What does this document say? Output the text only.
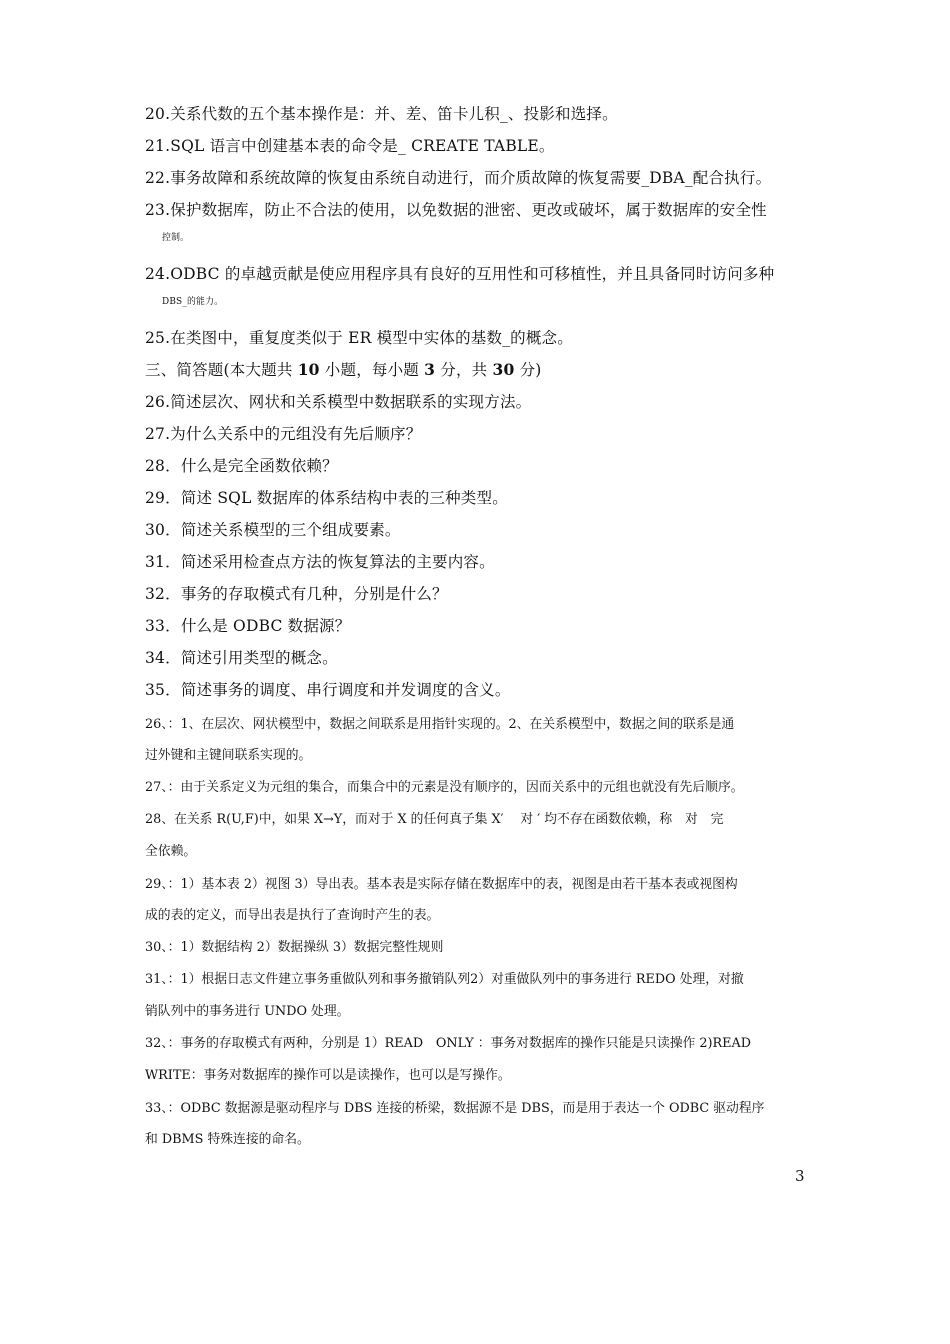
20.关系代数的五个基本操作是：并、差、笛卡儿积_、投影和选择。
21.SQL 语言中创建基本表的命令是_ CREATE TABLE。
22.事务故障和系统故障的恢复由系统自动进行，而介质故障的恢复需要_DBA_配合执行。
23.保护数据库，防止不合法的使用，以免数据的泄密、更改或破坏，属于数据库的安全性
控制。
24.ODBC 的卓越贡献是使应用程序具有良好的互用性和可移植性，并且具备同时访问多种
DBS_的能力。
25.在类图中，重复度类似于 ER 模型中实体的基数_的概念。
三、简答题(本大题共 10 小题，每小题 3 分，共 30 分)
26.简述层次、网状和关系模型中数据联系的实现方法。
27.为什么关系中的元组没有先后顺序？
28．什么是完全函数依赖？
29．简述 SQL 数据库的体系结构中表的三种类型。
30．简述关系模型的三个组成要素。
31．简述采用检查点方法的恢复算法的主要内容。
32．事务的存取模式有几种，分别是什么？
33．什么是 ODBC 数据源？
34．简述引用类型的概念。
35．简述事务的调度、串行调度和并发调度的含义。
26、：1、在层次、网状模型中，数据之间联系是用指针实现的。2、在关系模型中，数据之间的联系是通
过外键和主键间联系实现的。
27、：由于关系定义为元组的集合，而集合中的元素是没有顺序的，因而关系中的元组也就没有先后顺序。
28、在关系 R(U,F)中，如果 X→Y，而对于 X 的任何真子集 X′　 对 ′ 均不存在函数依赖，称　对　完
全依赖。
29、：1）基本表 2）视图 3）导出表。基本表是实际存储在数据库中的表，视图是由若干基本表或视图构
成的表的定义，而导出表是执行了查询时产生的表。
30、：1）数据结构 2）数据操纵 3）数据完整性规则
31、：1）根据日志文件建立事务重做队列和事务撤销队列2）对重做队列中的事务进行 REDO 处理，对撤
销队列中的事务进行 UNDO 处理。
32、：事务的存取模式有两种，分别是 1）READ　ONLY ：事务对数据库的操作只能是只读操作 2)READ
WRITE：事务对数据库的操作可以是读操作，也可以是写操作。
33、：ODBC 数据源是驱动程序与 DBS 连接的桥梁，数据源不是 DBS，而是用于表达一个 ODBC 驱动程序
和 DBMS 特殊连接的命名。
3
